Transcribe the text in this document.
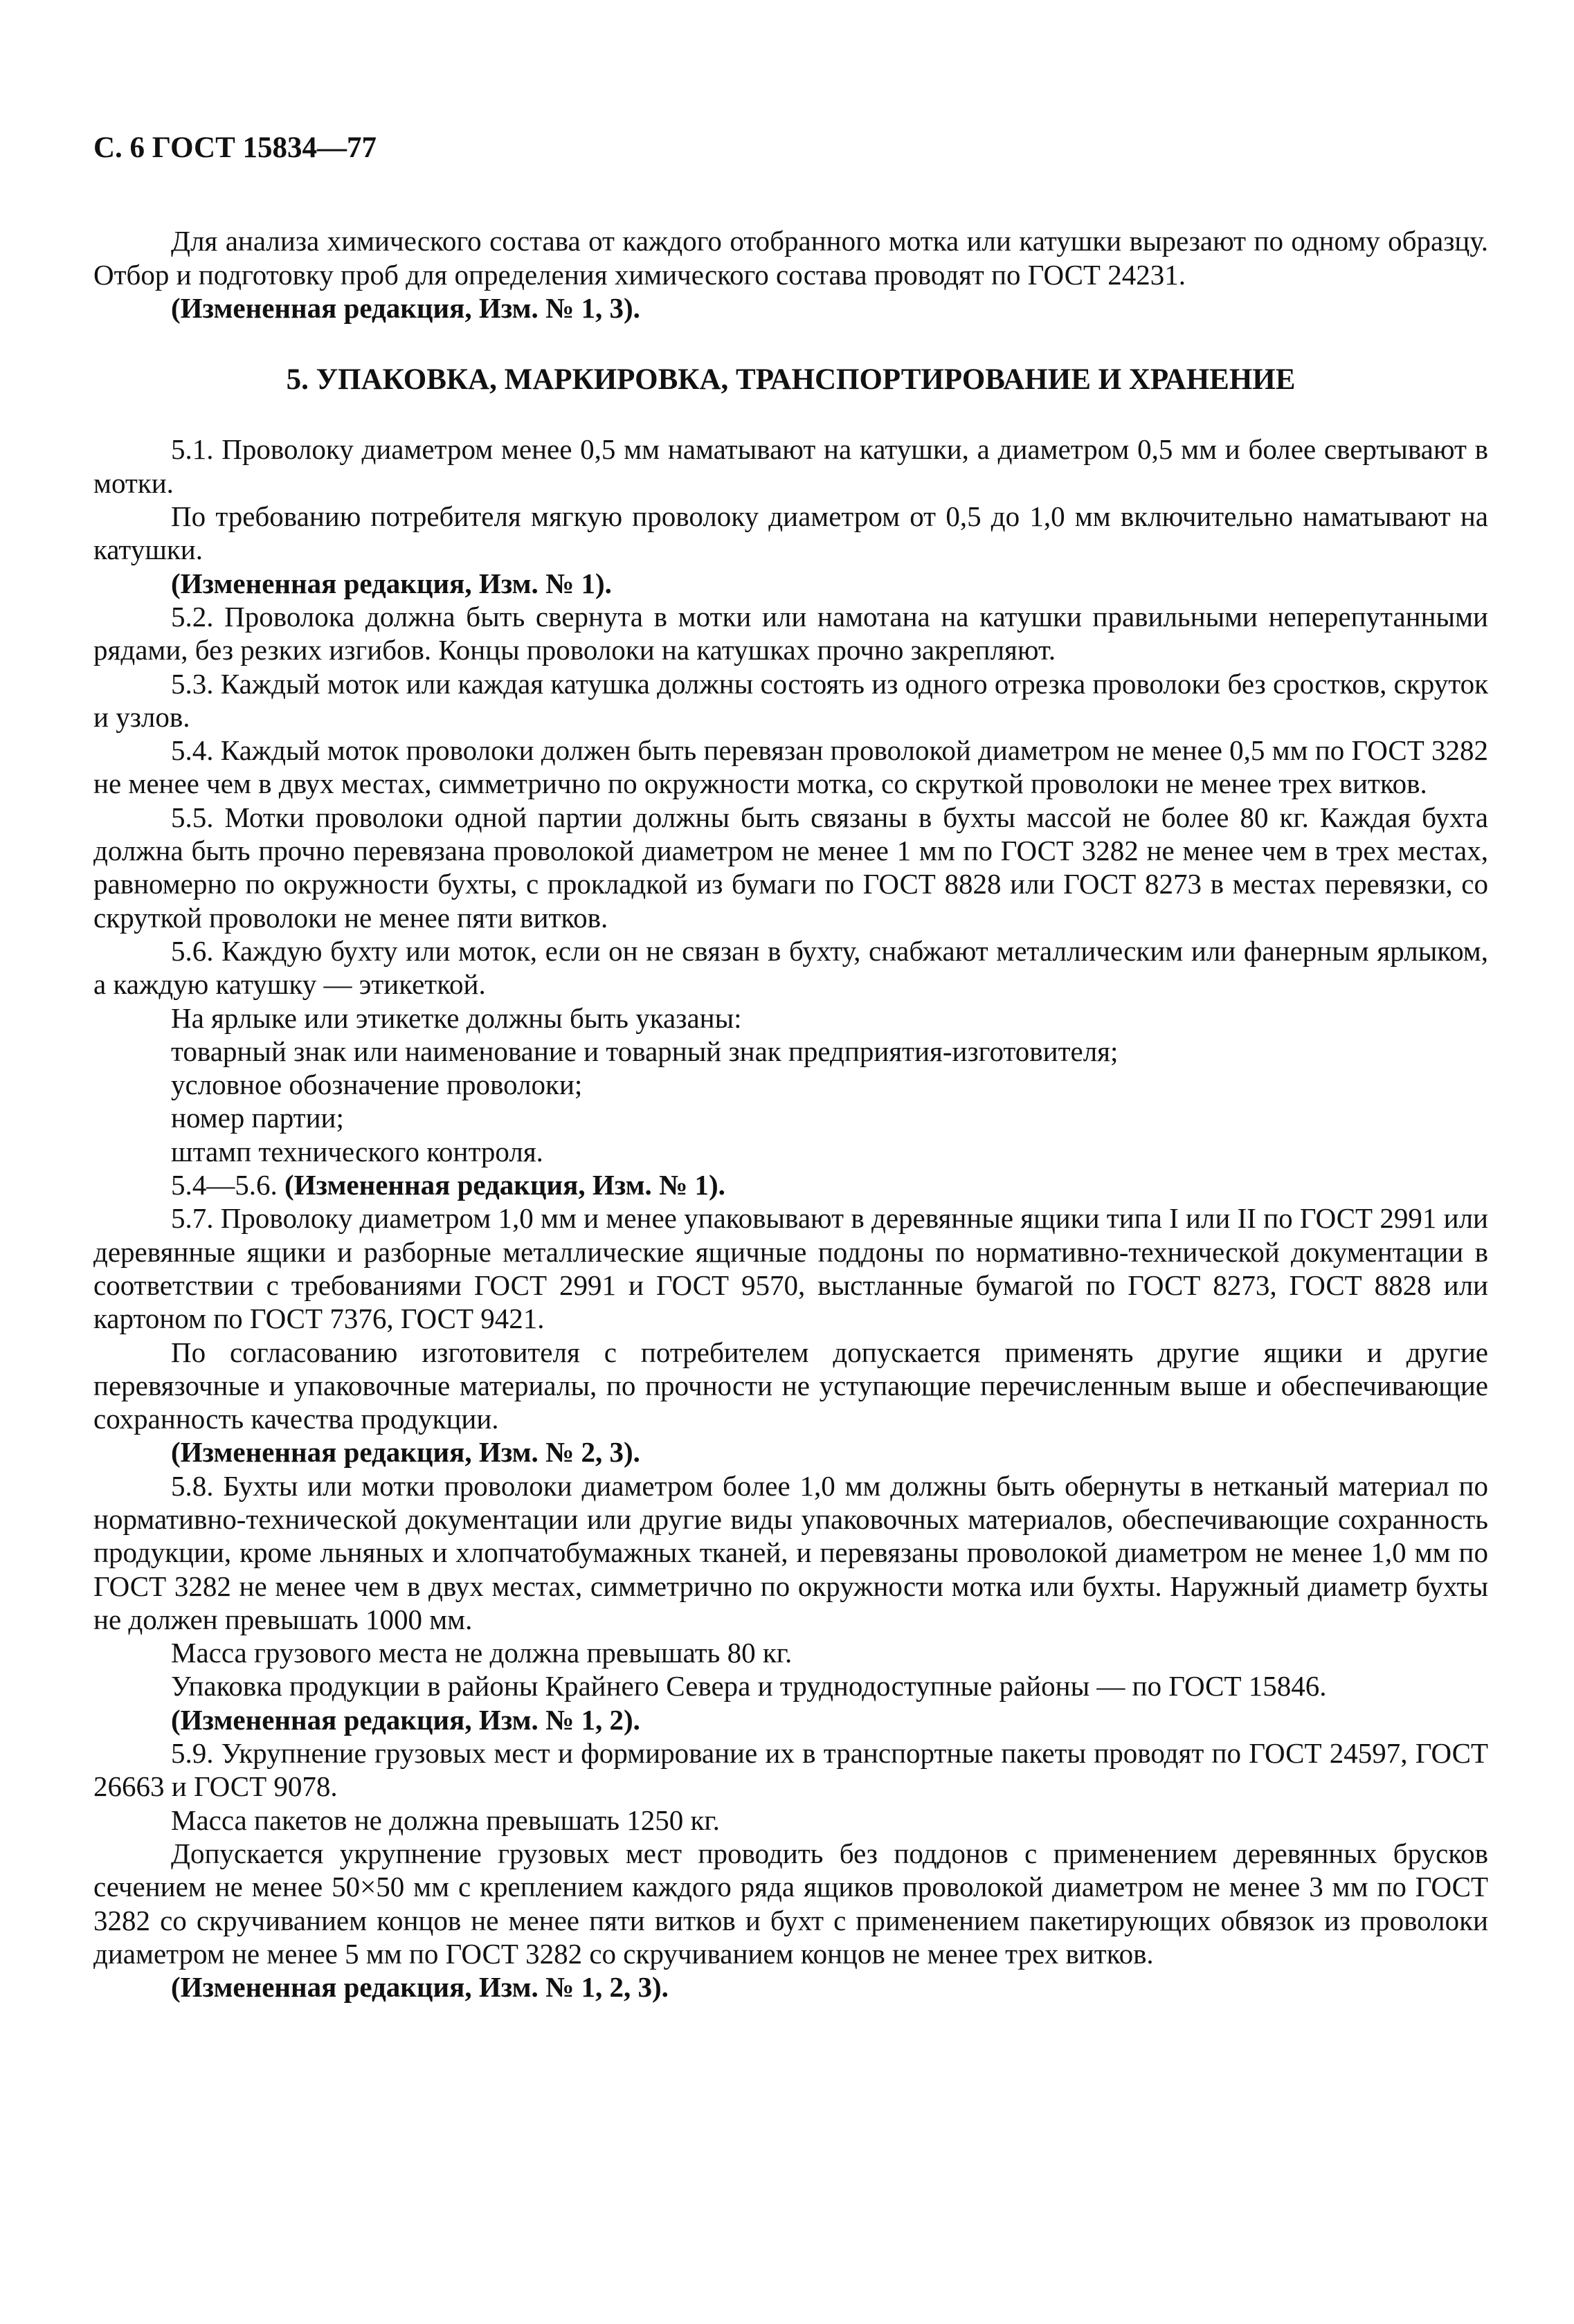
С. 6 ГОСТ 15834—77

Для анализа химического состава от каждого отобранного мотка или катушки вырезают по одному образцу. Отбор и подготовку проб для определения химического состава проводят по ГОСТ 24231.

(Измененная редакция, Изм. № 1, 3).

5. УПАКОВКА, МАРКИРОВКА, ТРАНСПОРТИРОВАНИЕ И ХРАНЕНИЕ

5.1. Проволоку диаметром менее 0,5 мм наматывают на катушки, а диаметром 0,5 мм и более свертывают в мотки.

По требованию потребителя мягкую проволоку диаметром от 0,5 до 1,0 мм включительно наматывают на катушки.

(Измененная редакция, Изм. № 1).

5.2. Проволока должна быть свернута в мотки или намотана на катушки правильными неперепутанными рядами, без резких изгибов. Концы проволоки на катушках прочно закрепляют.

5.3. Каждый моток или каждая катушка должны состоять из одного отрезка проволоки без сростков, скруток и узлов.

5.4. Каждый моток проволоки должен быть перевязан проволокой диаметром не менее 0,5 мм по ГОСТ 3282 не менее чем в двух местах, симметрично по окружности мотка, со скруткой проволоки не менее трех витков.

5.5. Мотки проволоки одной партии должны быть связаны в бухты массой не более 80 кг. Каждая бухта должна быть прочно перевязана проволокой диаметром не менее 1 мм по ГОСТ 3282 не менее чем в трех местах, равномерно по окружности бухты, с прокладкой из бумаги по ГОСТ 8828 или ГОСТ 8273 в местах перевязки, со скруткой проволоки не менее пяти витков.

5.6. Каждую бухту или моток, если он не связан в бухту, снабжают металлическим или фанерным ярлыком, а каждую катушку — этикеткой.

На ярлыке или этикетке должны быть указаны:

товарный знак или наименование и товарный знак предприятия-изготовителя;

условное обозначение проволоки;

номер партии;

штамп технического контроля.

5.4—5.6. (Измененная редакция, Изм. № 1).

5.7. Проволоку диаметром 1,0 мм и менее упаковывают в деревянные ящики типа I или II по ГОСТ 2991 или деревянные ящики и разборные металлические ящичные поддоны по нормативно-технической документации в соответствии с требованиями ГОСТ 2991 и ГОСТ 9570, выстланные бумагой по ГОСТ 8273, ГОСТ 8828 или картоном по ГОСТ 7376, ГОСТ 9421.

По согласованию изготовителя с потребителем допускается применять другие ящики и другие перевязочные и упаковочные материалы, по прочности не уступающие перечисленным выше и обеспечивающие сохранность качества продукции.

(Измененная редакция, Изм. № 2, 3).

5.8. Бухты или мотки проволоки диаметром более 1,0 мм должны быть обернуты в нетканый материал по нормативно-технической документации или другие виды упаковочных материалов, обеспечивающие сохранность продукции, кроме льняных и хлопчатобумажных тканей, и перевязаны проволокой диаметром не менее 1,0 мм по ГОСТ 3282 не менее чем в двух местах, симметрично по окружности мотка или бухты. Наружный диаметр бухты не должен превышать 1000 мм.

Масса грузового места не должна превышать 80 кг.

Упаковка продукции в районы Крайнего Севера и труднодоступные районы — по ГОСТ 15846.

(Измененная редакция, Изм. № 1, 2).

5.9. Укрупнение грузовых мест и формирование их в транспортные пакеты проводят по ГОСТ 24597, ГОСТ 26663 и ГОСТ 9078.

Масса пакетов не должна превышать 1250 кг.

Допускается укрупнение грузовых мест проводить без поддонов с применением деревянных брусков сечением не менее 50×50 мм с креплением каждого ряда ящиков проволокой диаметром не менее 3 мм по ГОСТ 3282 со скручиванием концов не менее пяти витков и бухт с применением пакетирующих обвязок из проволоки диаметром не менее 5 мм по ГОСТ 3282 со скручиванием концов не менее трех витков.

(Измененная редакция, Изм. № 1, 2, 3).
